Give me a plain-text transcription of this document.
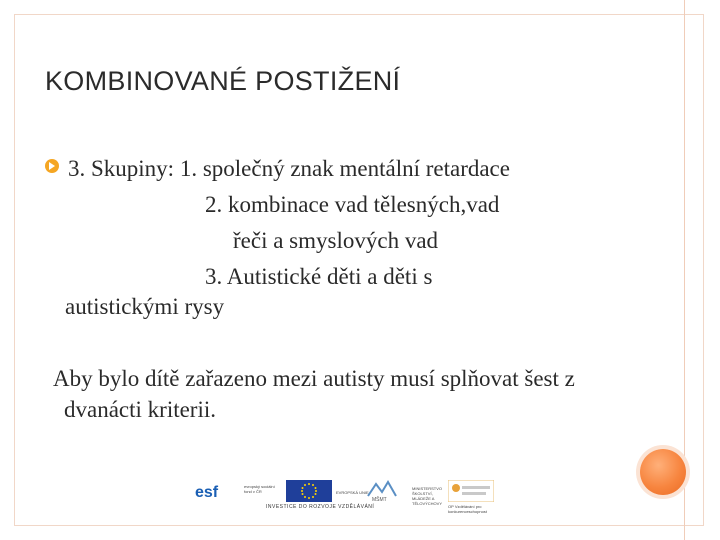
KOMBINOVANÉ POSTIŽENÍ
3. Skupiny: 1. společný znak mentální retardace
2. kombinace vad tělesných,vad
řeči a smyslových vad
3. Autistické děti a děti s
autistickými rysy
Aby bylo dítě zařazeno mezi autisty musí splňovat šest z
dvanácti kriterii.
esf	evropský sociální fond v ČR	EVROPSKÁ UNIE
MŠMT
MINISTERSTVO ŠKOLSTVÍ, MLÁDEŽE A TĚLOVÝCHOVY
OP Vzdělávání pro konkurenceschopnost
INVESTICE DO ROZVOJE VZDĚLÁVÁNÍ
